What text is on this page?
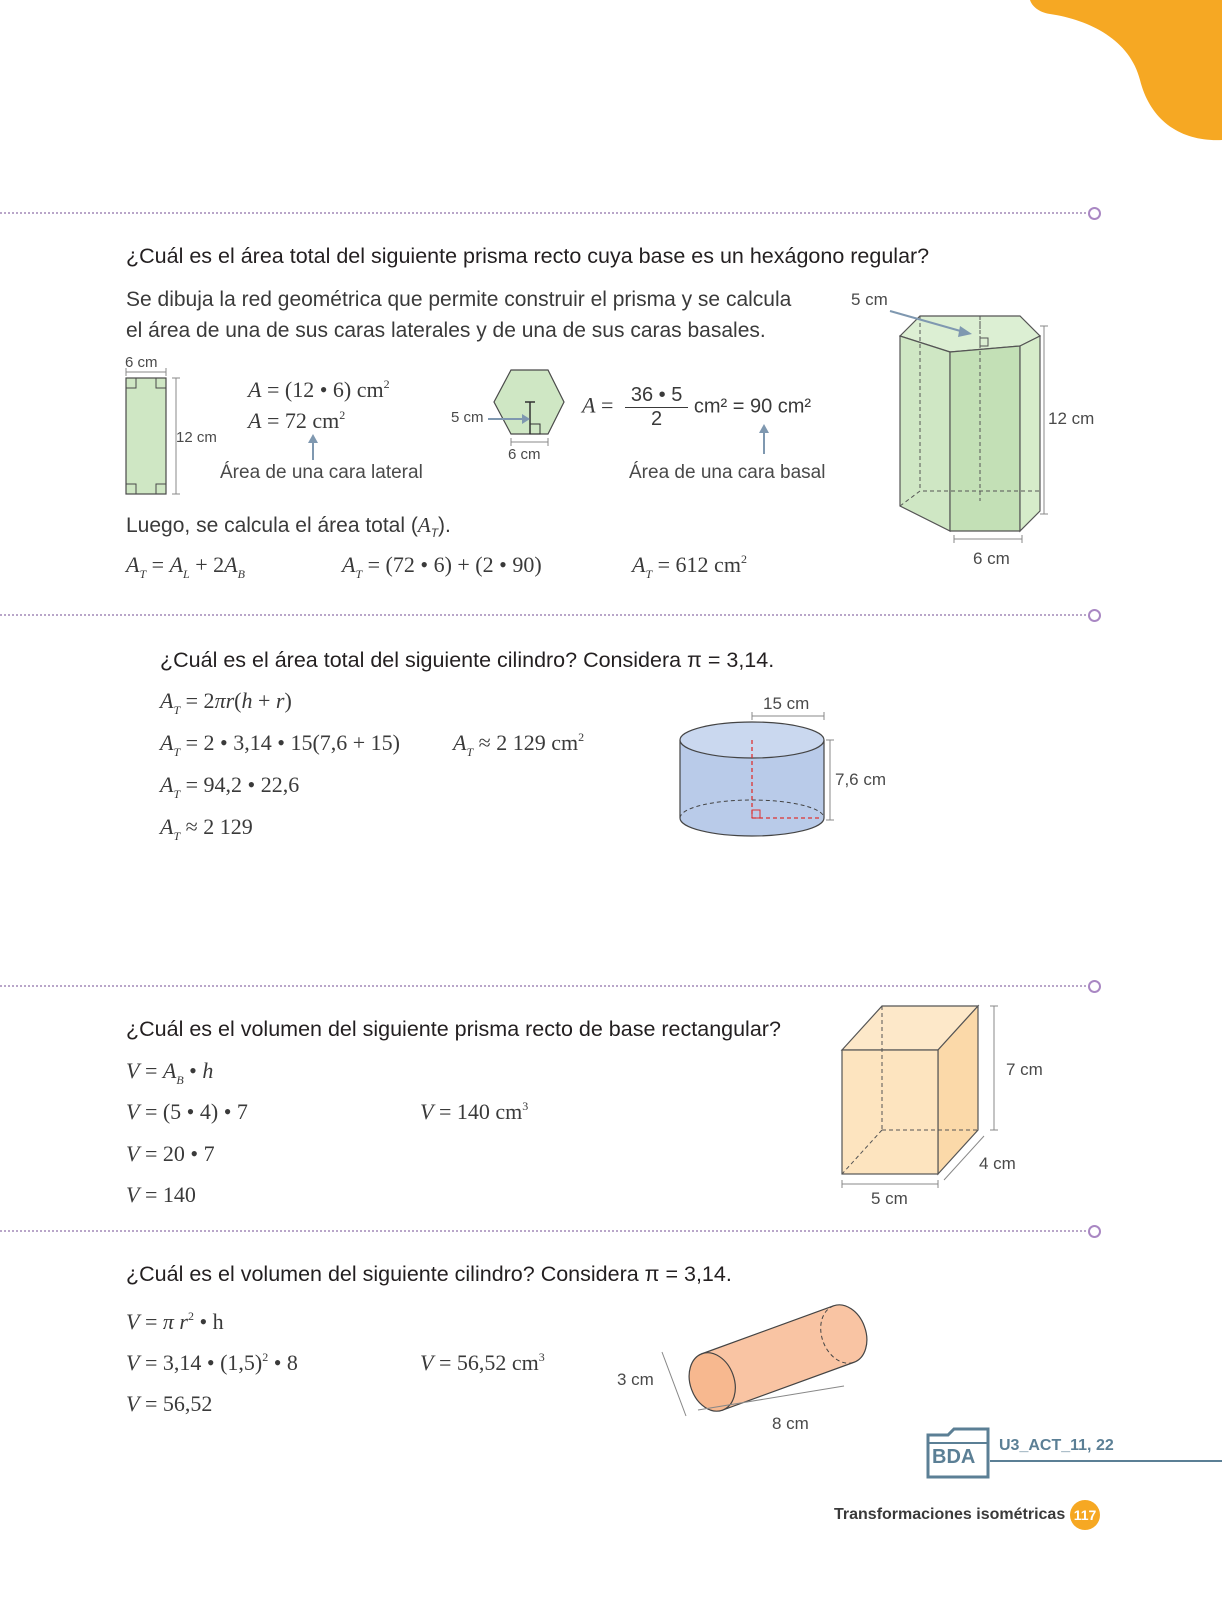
¿Cuál es el área total del siguiente prisma recto cuya base es un hexágono regular?
Se dibuja la red geométrica que permite construir el prisma y se calcula
el área de una de sus caras laterales y de una de sus caras basales.
6 cm
12 cm
A = (12 • 6) $cm^2$
A = 72 $cm^2$
Área de una cara lateral
5 cm
6 cm
$A = \frac{36 • 5}{2} cm^2 = 90$ cm²
Área de una cara basal
Luego, se calcula el área total $(A_T)$.
$A_T = A_L + 2A_B$	$A_T = (72$ • 6) + (2 • 90)	$A_T = 612$ $cm^2$
5 cm
12 cm
6 cm
¿Cuál es el área total del siguiente cilindro? Considera π = 3,14.
$A_T = 2\pi r(h + r)$
$A_T = 2$ • 3,14 • 15(7,6 + 15)
$A_T = 94,2$ • 22,6
$A_T \approx 2$ 129
$A_T \approx 2$ 129 $cm^2$
15 cm
7,6 cm
¿Cuál es el volumen del siguiente prisma recto de base rectangular?
$V = A_B$ • h
V = (5 • 4) • 7
V = 20 • 7
V = 140
V = 140 $cm^3$
7 cm
4 cm
5 cm
¿Cuál es el volumen del siguiente cilindro? Considera π = 3,14.
V = π $r^2$ • h
V = 3,14 • $(1,5)^2$ • 8
V = 56,52
V = 56,52 $cm^3$
3 cm
8 cm
BDA
U3_ACT_11, 22
Transformaciones isométricas 117
